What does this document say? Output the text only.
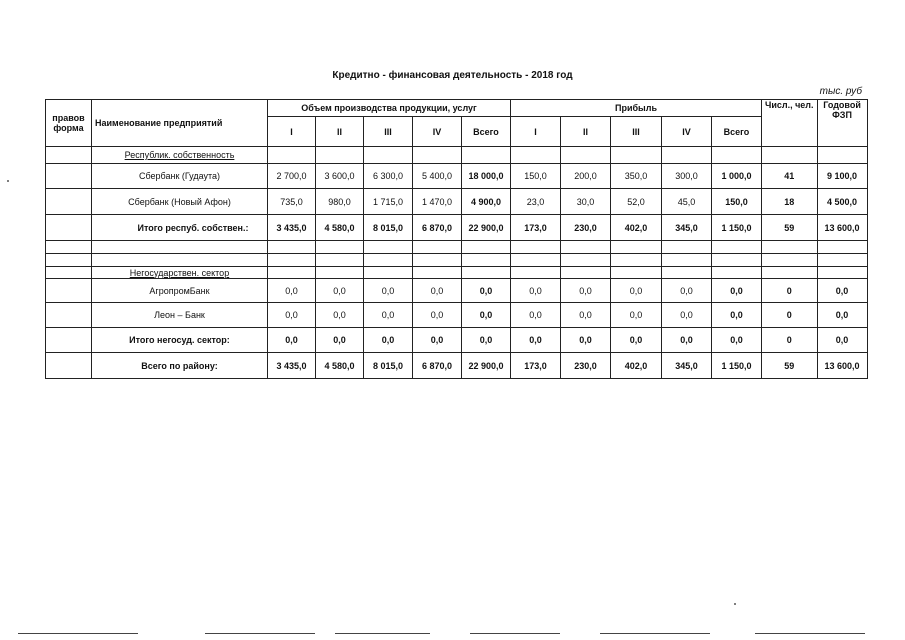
Кредитно - финансовая деятельность - 2018 год
тыс. руб
правов форма	Наименование предприятий	Объем производства продукции, услуг					Прибыль					Числ., чел.	Годовой ФЗП
		I	II	III	IV	Всего	I	II	III	IV	Всего		
	Республик. собственность												
	Сбербанк (Гудаута)	2 700,0	3 600,0	6 300,0	5 400,0	18 000,0	150,0	200,0	350,0	300,0	1 000,0	41	9 100,0
	Сбербанк (Новый Афон)	735,0	980,0	1 715,0	1 470,0	4 900,0	23,0	30,0	52,0	45,0	150,0	18	4 500,0
	Итого респуб. собствен.:	3 435,0	4 580,0	8 015,0	6 870,0	22 900,0	173,0	230,0	402,0	345,0	1 150,0	59	13 600,0

	Негосударствен. сектор												
	АгропромБанк	0,0	0,0	0,0	0,0	0,0	0,0	0,0	0,0	0,0	0,0	0	0,0
	Леон – Банк	0,0	0,0	0,0	0,0	0,0	0,0	0,0	0,0	0,0	0,0	0	0,0
	Итого негосуд. сектор:	0,0	0,0	0,0	0,0	0,0	0,0	0,0	0,0	0,0	0,0	0	0,0
	Всего по району:	3 435,0	4 580,0	8 015,0	6 870,0	22 900,0	173,0	230,0	402,0	345,0	1 150,0	59	13 600,0
